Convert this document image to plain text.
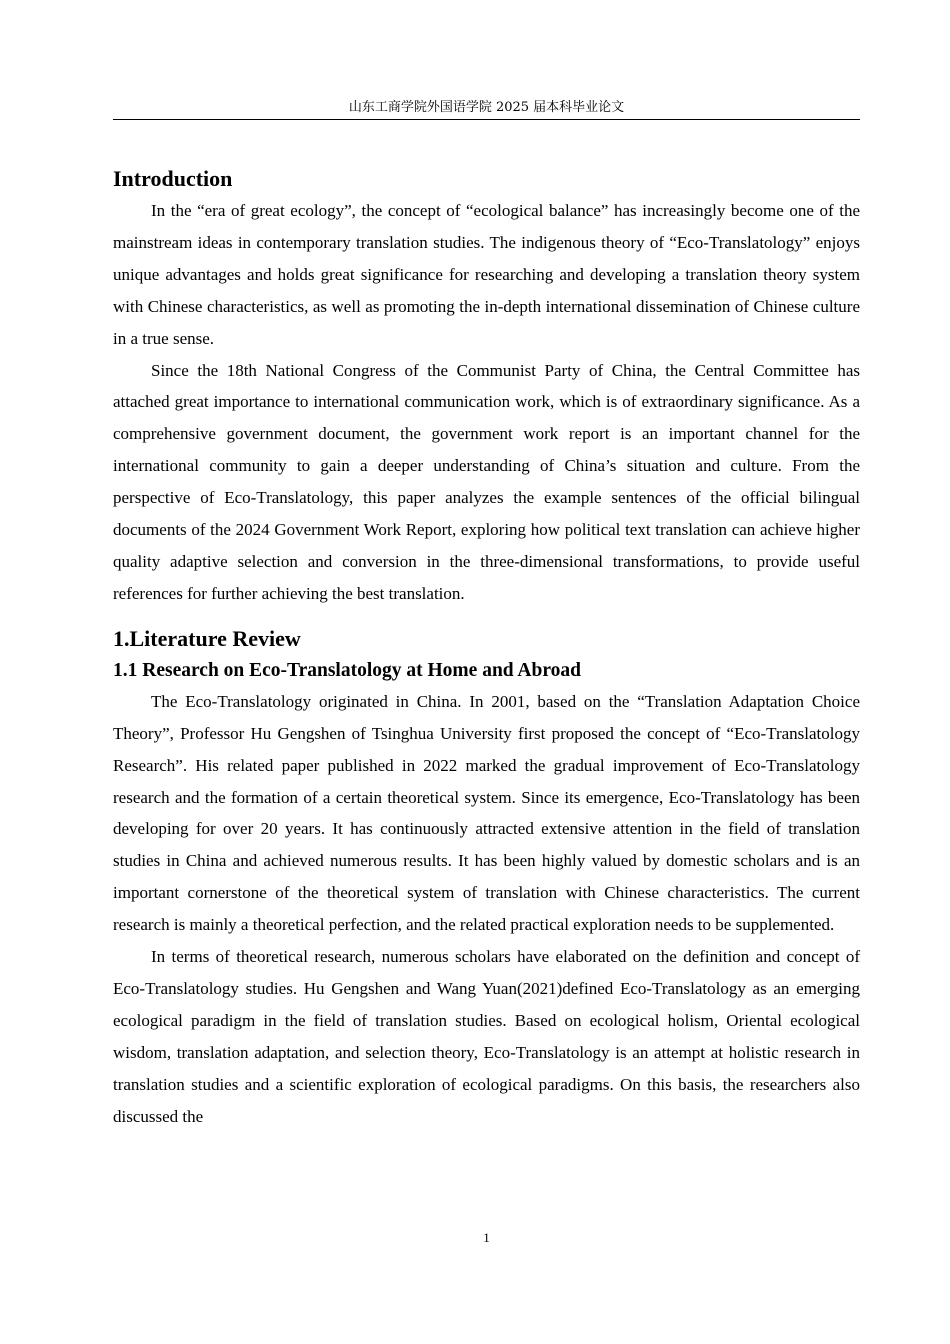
山东工商学院外国语学院 2025 届本科毕业论文
Introduction

In the “era of great ecology”, the concept of “ecological balance” has increasingly become one of the mainstream ideas in contemporary translation studies. The indigenous theory of “Eco-Translatology” enjoys unique advantages and holds great significance for researching and developing a translation theory system with Chinese characteristics, as well as promoting the in-depth international dissemination of Chinese culture in a true sense.

Since the 18th National Congress of the Communist Party of China, the Central Committee has attached great importance to international communication work, which is of extraordinary significance. As a comprehensive government document, the government work report is an important channel for the international community to gain a deeper understanding of China’s situation and culture. From the perspective of Eco-Translatology, this paper analyzes the example sentences of the official bilingual documents of the 2024 Government Work Report, exploring how political text translation can achieve higher quality adaptive selection and conversion in the three-dimensional transformations, to provide useful references for further achieving the best translation.

1.Literature Review
1.1 Research on Eco-Translatology at Home and Abroad

The Eco-Translatology originated in China. In 2001, based on the “Translation Adaptation Choice Theory”, Professor Hu Gengshen of Tsinghua University first proposed the concept of “Eco-Translatology Research”. His related paper published in 2022 marked the gradual improvement of Eco-Translatology research and the formation of a certain theoretical system. Since its emergence, Eco-Translatology has been developing for over 20 years. It has continuously attracted extensive attention in the field of translation studies in China and achieved numerous results. It has been highly valued by domestic scholars and is an important cornerstone of the theoretical system of translation with Chinese characteristics. The current research is mainly a theoretical perfection, and the related practical exploration needs to be supplemented.

In terms of theoretical research, numerous scholars have elaborated on the definition and concept of Eco-Translatology studies. Hu Gengshen and Wang Yuan(2021)defined Eco-Translatology as an emerging ecological paradigm in the field of translation studies. Based on ecological holism, Oriental ecological wisdom, translation adaptation, and selection theory, Eco-Translatology is an attempt at holistic research in translation studies and a scientific exploration of ecological paradigms. On this basis, the researchers also discussed the

1
